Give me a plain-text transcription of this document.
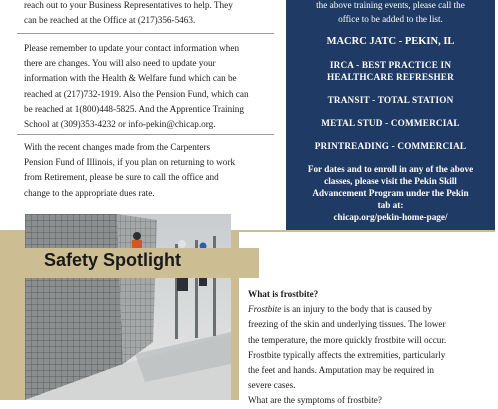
reach out to your Business Representatives to help. They
can be reached at the Office at (217)356-5463.
Please remember to update your contact information when
there are changes. You will also need to update your
information with the Health & Welfare fund which can be
reached at (217)732-1919. Also the Pension Fund, which can
be reached at 1(800)448-5825. And the Apprentice Training
School at (309)353-4232 or info-pekin@chicap.org.
With the recent changes made from the Carpenters
Pension Fund of Illinois, if you plan on returning to work
from Retirement, please be sure to call the office and
change to the appropriate dues rate.
the above training events, please call the
office to be added to the list.
MACRC JATC - PEKIN, IL
IRCA - BEST PRACTICE IN
HEALTHCARE REFRESHER
TRANSIT - TOTAL STATION
METAL STUD - COMMERCIAL
PRINTREADING - COMMERCIAL
For dates and to enroll in any of the above
classes, please visit the Pekin Skill
Advancement Program under the Pekin
tab at:
chicap.org/pekin-home-page/
Safety Spotlight
What is frostbite?
Frostbite is an injury to the body that is caused by
freezing of the skin and underlying tissues. The lower
the temperature, the more quickly frostbite will occur.
Frostbite typically affects the extremities, particularly
the feet and hands. Amputation may be required in
severe cases.
What are the symptoms of frostbite?
